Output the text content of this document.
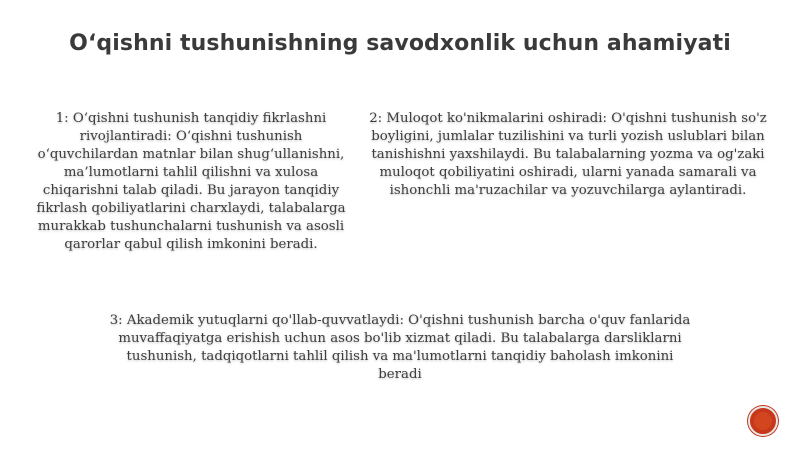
O‘qishni tushunishning savodxonlik uchun ahamiyati
1: O‘qishni tushunish tanqidiy fikrlashni rivojlantiradi: O‘qishni tushunish o‘quvchilardan matnlar bilan shug‘ullanishni, ma’lumotlarni tahlil qilishni va xulosa chiqarishni talab qiladi. Bu jarayon tanqidiy fikrlash qobiliyatlarini charxlaydi, talabalarga murakkab tushunchalarni tushunish va asosli qarorlar qabul qilish imkonini beradi.
2: Muloqot ko'nikmalarini oshiradi: O'qishni tushunish so'z boyligini, jumlalar tuzilishini va turli yozish uslublari bilan tanishishni yaxshilaydi. Bu talabalarning yozma va og'zaki muloqot qobiliyatini oshiradi, ularni yanada samarali va ishonchli ma'ruzachilar va yozuvchilarga aylantiradi.
3: Akademik yutuqlarni qo'llab-quvvatlaydi: O'qishni tushunish barcha o'quv fanlarida muvaffaqiyatga erishish uchun asos bo'lib xizmat qiladi. Bu talabalarga darsliklarni tushunish, tadqiqotlarni tahlil qilish va ma'lumotlarni tanqidiy baholash imkonini beradi
